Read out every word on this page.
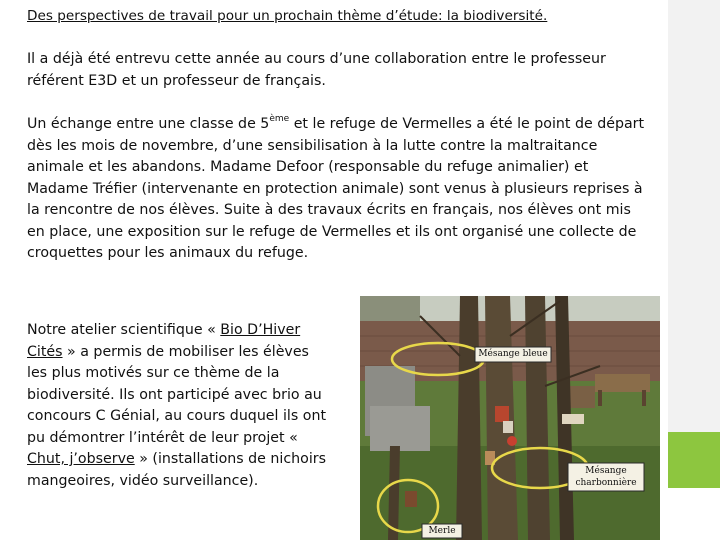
Des perspectives de travail pour un prochain thème d’étude: la biodiversité.
Il a déjà été entrevu cette année au cours d’une collaboration entre le professeur référent E3D et un professeur de français.
Un échange entre une classe de 5ème et le refuge de Vermelles a été le point de départ dès les mois de novembre, d’une sensibilisation à la lutte contre la maltraitance animale et les abandons. Madame Defoor (responsable du refuge animalier) et Madame Tréfier (intervenante en protection animale) sont venus à plusieurs reprises à la rencontre de nos élèves. Suite à des travaux écrits en français, nos élèves ont mis en place, une exposition sur le refuge de Vermelles et ils ont organisé une collecte de croquettes pour les animaux du refuge.
Notre atelier scientifique « Bio D’Hiver Cités » a permis de mobiliser les élèves les plus motivés sur ce thème de la biodiversité. Ils ont participé avec brio au concours C Génial, au cours duquel ils ont pu démontrer l’intérêt de leur projet « Chut, j’observe » (installations de nichoirs mangeoires, vidéo surveillance).
Mésange bleue
Mésange
charbonnière
Merle
